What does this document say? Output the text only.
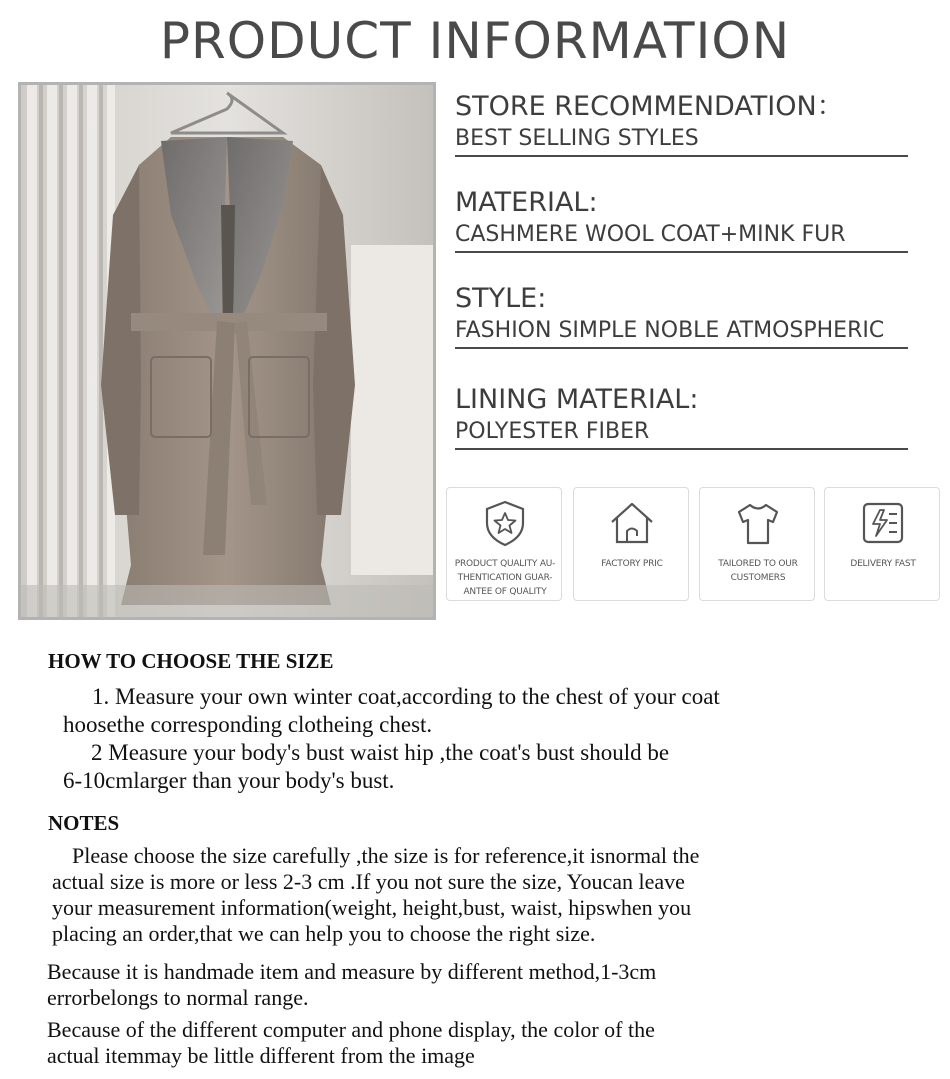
PRODUCT INFORMATION
STORE RECOMMENDATION：
BEST SELLING STYLES
MATERIAL:
CASHMERE WOOL COAT+MINK FUR
STYLE:
FASHION SIMPLE NOBLE ATMOSPHERIC
LINING MATERIAL:
POLYESTER FIBER
PRODUCT QUALITY AU-
THENTICATION GUAR-
ANTEE OF QUALITY
FACTORY PRIC	TAILORED TO OUR
CUSTOMERS
DELIVERY FAST
HOW TO CHOOSE THE SIZE
1. Measure your own winter coat,according to the chest of your coat
hoosethe corresponding clotheing chest.
2 Measure your body's bust waist hip ,the coat's bust should be
6-10cmlarger than your body's bust.
NOTES
Please choose the size carefully ,the size is for reference,it isnormal the
actual size is more or less 2-3 cm .If you not sure the size, Youcan leave
your measurement information(weight, height,bust, waist, hipswhen you
placing an order,that we can help you to choose the right size.
Because it is handmade item and measure by different method,1-3cm
errorbelongs to normal range.
Because of the different computer and phone display, the color of the
actual itemmay be little different from the image
